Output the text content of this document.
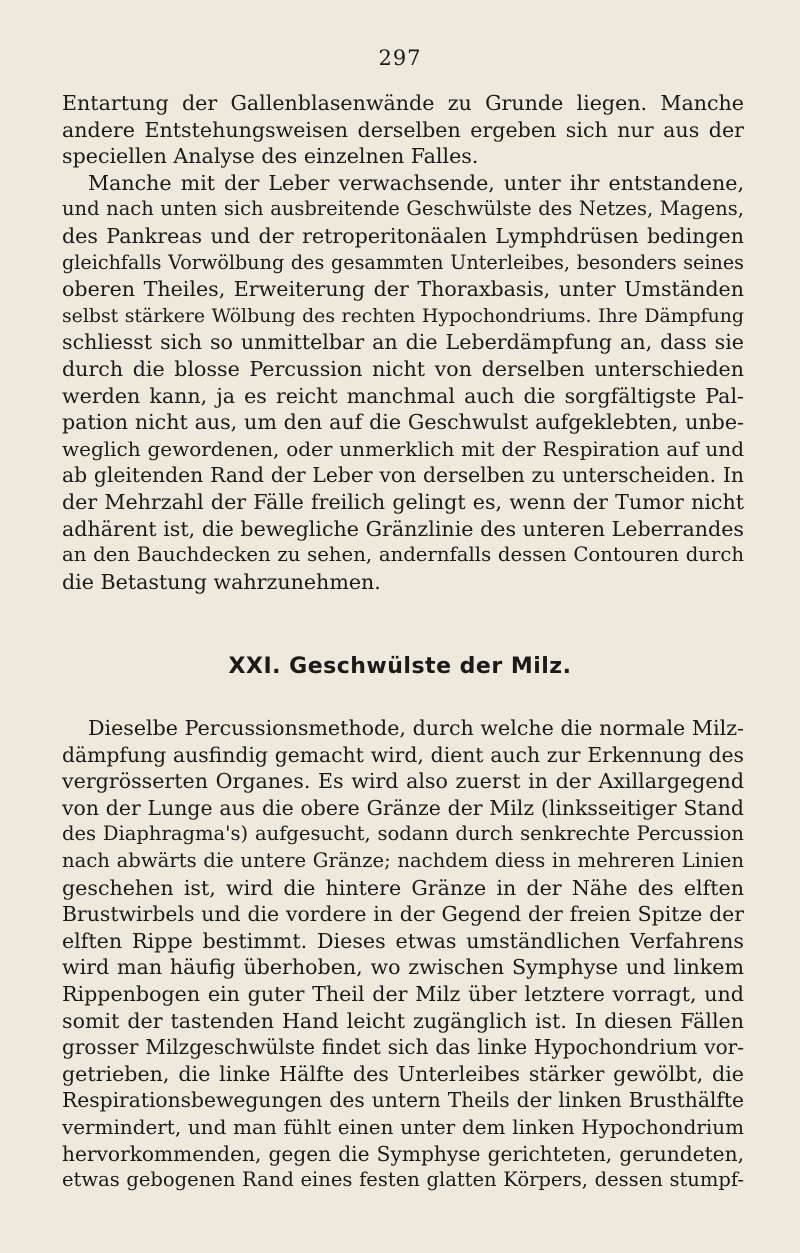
297
Entartung der Gallenblasenwände zu Grunde liegen. Manche
andere Entstehungsweisen derselben ergeben sich nur aus der
speciellen Analyse des einzelnen Falles.
Manche mit der Leber verwachsende, unter ihr entstandene,
und nach unten sich ausbreitende Geschwülste des Netzes, Magens,
des Pankreas und der retroperitonäalen Lymphdrüsen bedingen
gleichfalls Vorwölbung des gesammten Unterleibes, besonders seines
oberen Theiles, Erweiterung der Thoraxbasis, unter Umständen
selbst stärkere Wölbung des rechten Hypochondriums. Ihre Dämpfung
schliesst sich so unmittelbar an die Leberdämpfung an, dass sie
durch die blosse Percussion nicht von derselben unterschieden
werden kann, ja es reicht manchmal auch die sorgfältigste Pal-
pation nicht aus, um den auf die Geschwulst aufgeklebten, unbe-
weglich gewordenen, oder unmerklich mit der Respiration auf und
ab gleitenden Rand der Leber von derselben zu unterscheiden. In
der Mehrzahl der Fälle freilich gelingt es, wenn der Tumor nicht
adhärent ist, die bewegliche Gränzlinie des unteren Leberrandes
an den Bauchdecken zu sehen, andernfalls dessen Contouren durch
die Betastung wahrzunehmen.
XXI. Geschwülste der Milz.
Dieselbe Percussionsmethode, durch welche die normale Milz-
dämpfung ausfindig gemacht wird, dient auch zur Erkennung des
vergrösserten Organes. Es wird also zuerst in der Axillargegend
von der Lunge aus die obere Gränze der Milz (linksseitiger Stand
des Diaphragma's) aufgesucht, sodann durch senkrechte Percussion
nach abwärts die untere Gränze; nachdem diess in mehreren Linien
geschehen ist, wird die hintere Gränze in der Nähe des elften
Brustwirbels und die vordere in der Gegend der freien Spitze der
elften Rippe bestimmt. Dieses etwas umständlichen Verfahrens
wird man häufig überhoben, wo zwischen Symphyse und linkem
Rippenbogen ein guter Theil der Milz über letztere vorragt, und
somit der tastenden Hand leicht zugänglich ist. In diesen Fällen
grosser Milzgeschwülste findet sich das linke Hypochondrium vor-
getrieben, die linke Hälfte des Unterleibes stärker gewölbt, die
Respirationsbewegungen des untern Theils der linken Brusthälfte
vermindert, und man fühlt einen unter dem linken Hypochondrium
hervorkommenden, gegen die Symphyse gerichteten, gerundeten,
etwas gebogenen Rand eines festen glatten Körpers, dessen stumpf-
